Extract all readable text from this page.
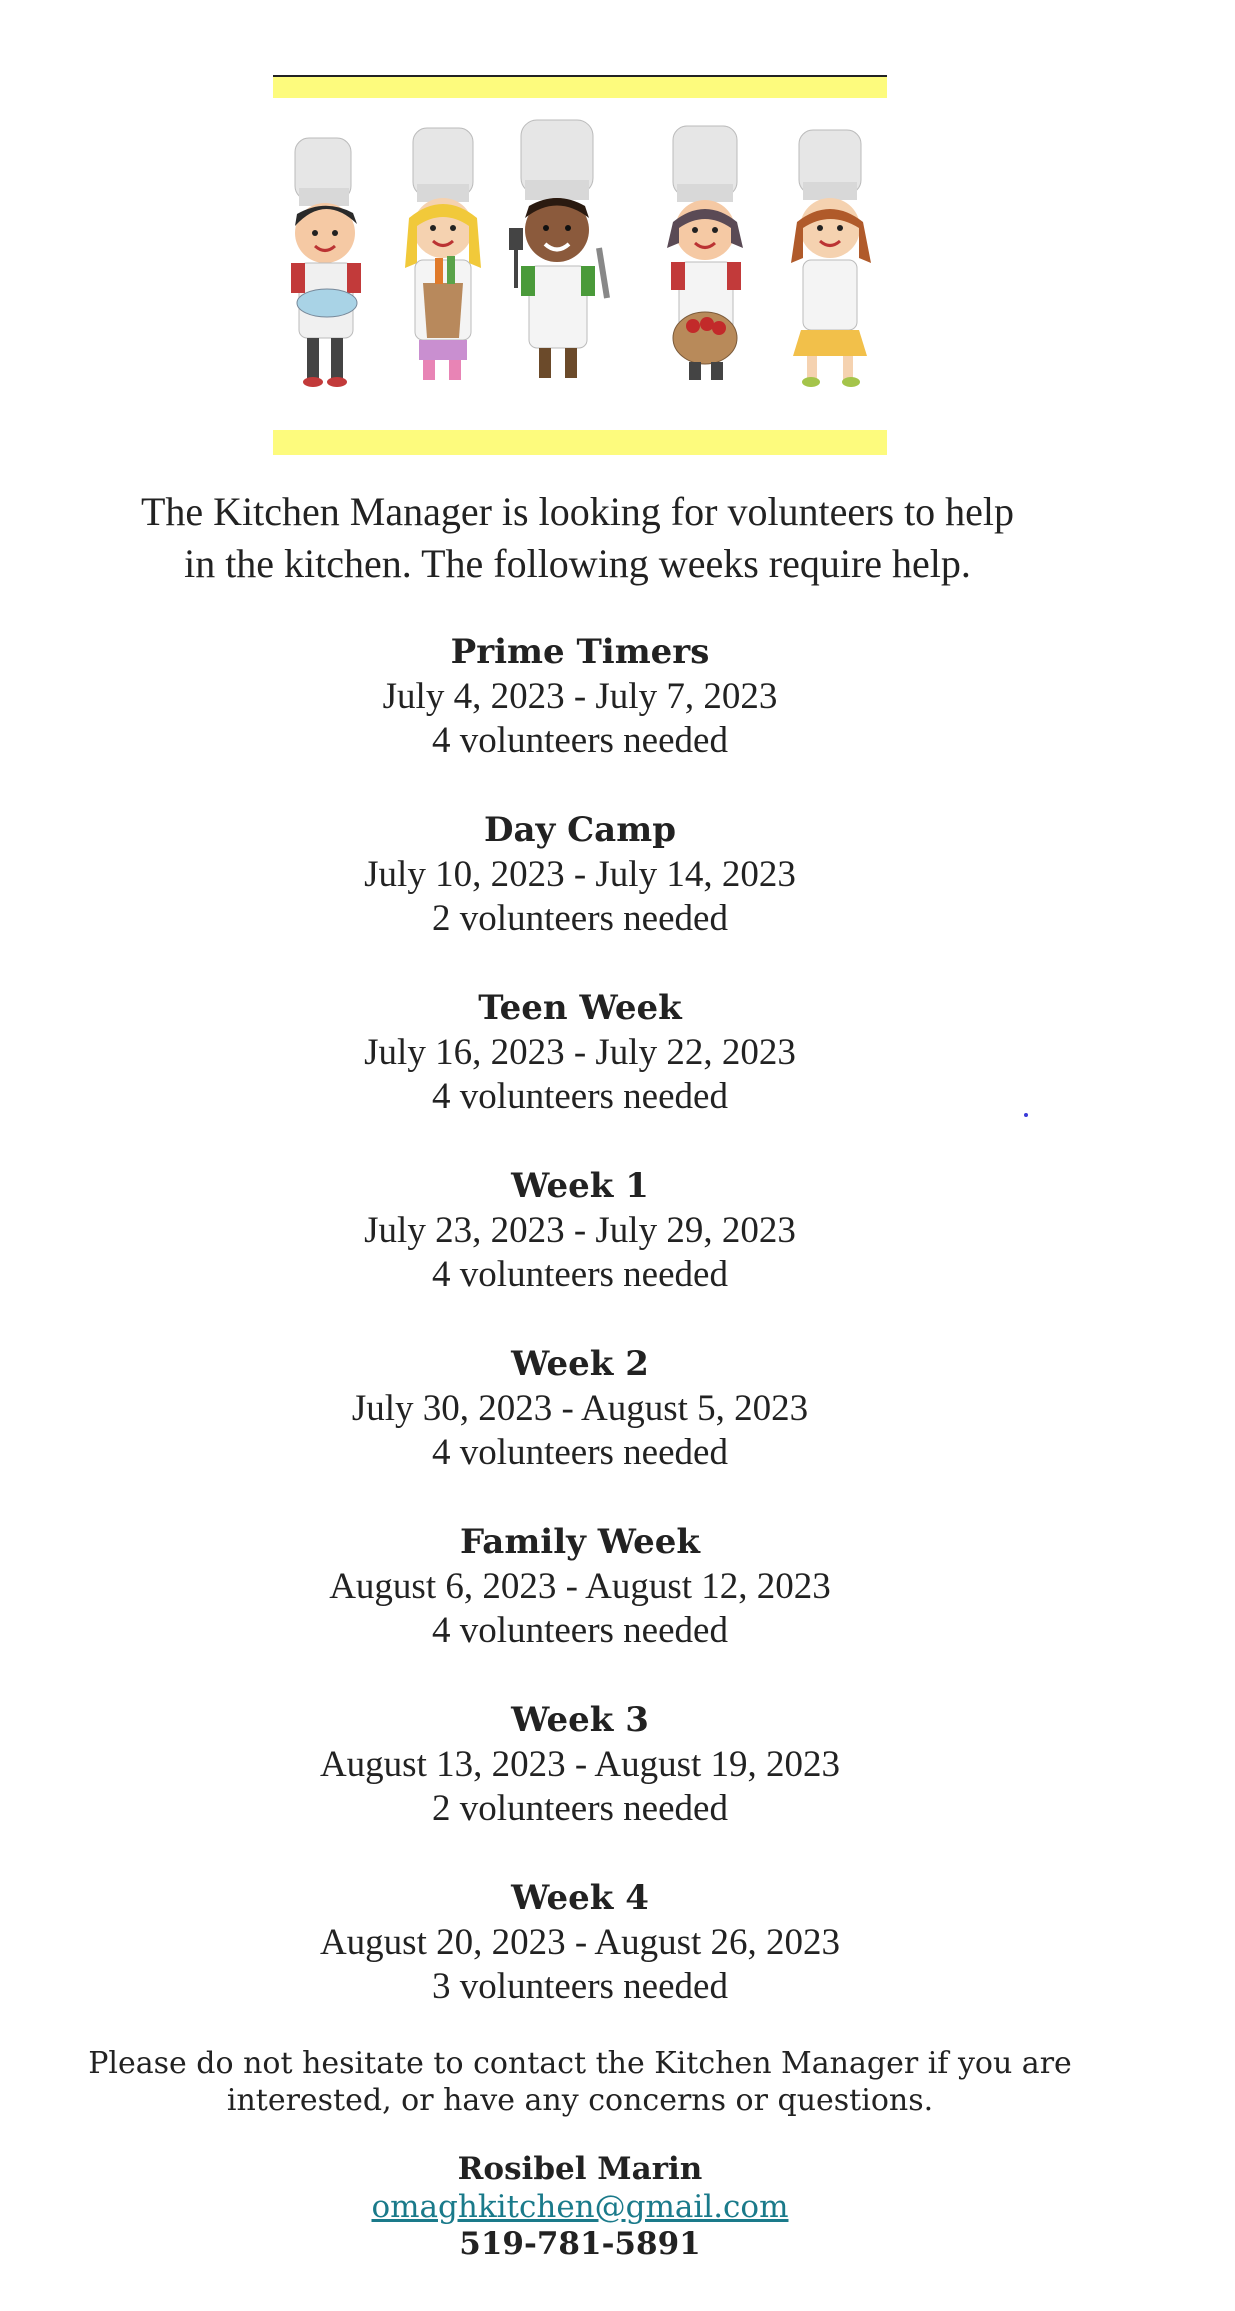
The Kitchen Manager is looking for volunteers to help
in the kitchen. The following weeks require help.
Prime Timers
July 4, 2023 - July 7, 2023
4 volunteers needed
Day Camp
July 10, 2023 - July 14, 2023
2 volunteers needed
Teen Week
July 16, 2023 - July 22, 2023
4 volunteers needed
Week 1
July 23, 2023 - July 29, 2023
4 volunteers needed
Week 2
July 30, 2023 - August 5, 2023
4 volunteers needed
Family Week
August 6, 2023 - August 12, 2023
4 volunteers needed
Week 3
August 13, 2023 - August 19, 2023
2 volunteers needed
Week 4
August 20, 2023 - August 26, 2023
3 volunteers needed
Please do not hesitate to contact the Kitchen Manager if you are
interested, or have any concerns or questions.
Rosibel Marin
omaghkitchen@gmail.com
519-781-5891
